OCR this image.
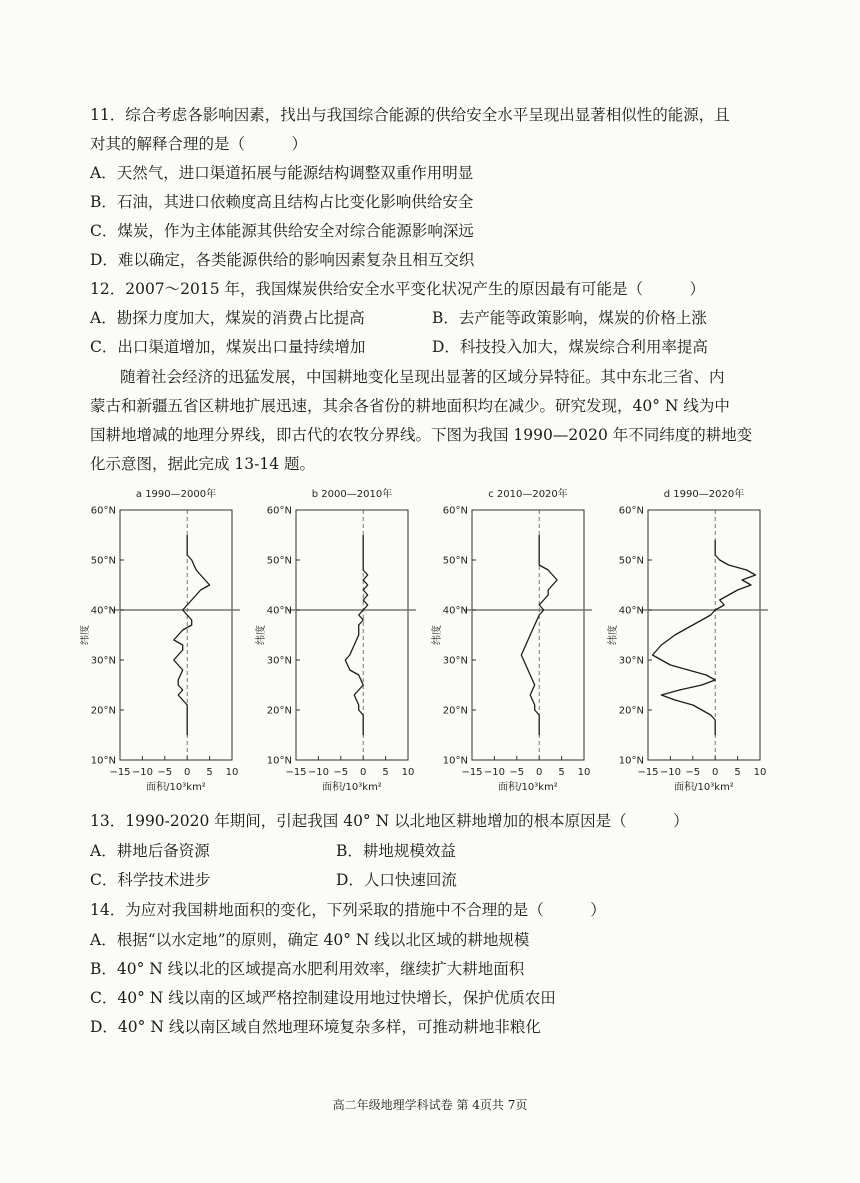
11．综合考虑各影响因素，找出与我国综合能源的供给安全水平呈现出显著相似性的能源，且
对其的解释合理的是（　　　）
A．天然气，进口渠道拓展与能源结构调整双重作用明显
B．石油，其进口依赖度高且结构占比变化影响供给安全
C．煤炭，作为主体能源其供给安全对综合能源影响深远
D．难以确定，各类能源供给的影响因素复杂且相互交织
12．2007～2015 年，我国煤炭供给安全水平变化状况产生的原因最有可能是（　　　）
A．勘探力度加大，煤炭的消费占比提高	B．去产能等政策影响，煤炭的价格上涨
C．出口渠道增加，煤炭出口量持续增加	D．科技投入加大，煤炭综合利用率提高
随着社会经济的迅猛发展，中国耕地变化呈现出显著的区域分异特征。其中东北三省、内
蒙古和新疆五省区耕地扩展迅速，其余各省份的耕地面积均在减少。研究发现，40° N 线为中
国耕地增减的地理分界线，即古代的农牧分界线。下图为我国 1990—2020 年不同纬度的耕地变
化示意图，据此完成 13-14 题。
a 1990—2000年
10°N
20°N
30°N
40°N
50°N
60°N
−15 −10 −5 0 5 10
面积/10³km²
纬度
b 2000—2010年
10°N
20°N
30°N
40°N
50°N
60°N
−15 −10 −5 0 5 10
面积/10³km²
纬度
c 2010—2020年
10°N
20°N
30°N
40°N
50°N
60°N
−15 −10 −5 0 5 10
面积/10³km²
纬度
d 1990—2020年
10°N
20°N
30°N
40°N
50°N
60°N
−15 −10 −5 0 5 10
面积/10³km²
纬度
13．1990-2020 年期间，引起我国 40° N 以北地区耕地增加的根本原因是（　　　）
A．耕地后备资源	B．耕地规模效益
C．科学技术进步	D．人口快速回流
14．为应对我国耕地面积的变化，下列采取的措施中不合理的是（　　　）
A．根据“以水定地”的原则，确定 40° N 线以北区域的耕地规模
B．40° N 线以北的区域提高水肥利用效率，继续扩大耕地面积
C．40° N 线以南的区域严格控制建设用地过快增长，保护优质农田
D．40° N 线以南区域自然地理环境复杂多样，可推动耕地非粮化
高二年级地理学科试卷 第 4页共 7页
